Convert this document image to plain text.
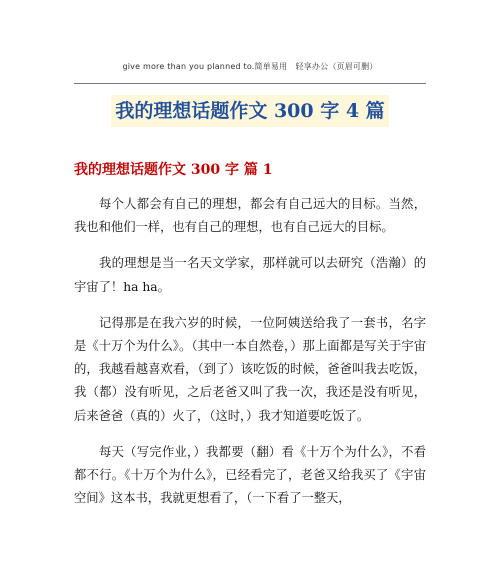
give more than you planned to.简单易用　轻享办公（页眉可删）
我的理想话题作文 300 字 4 篇
我的理想话题作文 300 字 篇 1

每个人都会有自己的理想，都会有自己远大的目标。当然，我也和他们一样，也有自己的理想，也有自己远大的目标。

我的理想是当一名天文学家，那样就可以去研究（浩瀚）的宇宙了！ha ha。

记得那是在我六岁的时候，一位阿姨送给我了一套书，名字是《十万个为什么》。（其中一本自然卷，）那上面都是写关于宇宙的，我越看越喜欢看，（到了）该吃饭的时候，爸爸叫我去吃饭，我（都）没有听见，之后老爸又叫了我一次，我还是没有听见，后来爸爸（真的）火了，（这时，）我才知道要吃饭了。

每天（写完作业，）我都要（翻）看《十万个为什么》，不看都不行。《十万个为什么》，已经看完了，老爸又给我买了《宇宙空间》这本书，我就更想看了，（一下看了一整天，
